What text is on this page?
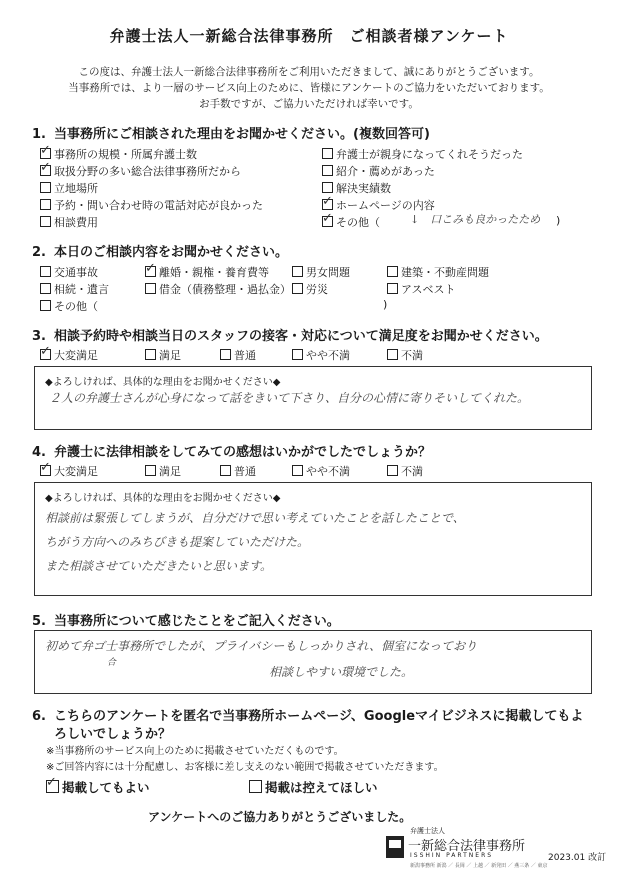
弁護士法人一新総合法律事務所　ご相談者様アンケート
この度は、弁護士法人一新総合法律事務所をご利用いただきまして、誠にありがとうございます。
当事務所では、より一層のサービス向上のために、皆様にアンケートのご協力をいただいております。
お手数ですが、ご協力いただければ幸いです。
1. 当事務所にご相談された理由をお聞かせください。(複数回答可)
✓事務所の規模・所属弁護士数
✓取扱分野の多い総合法律事務所だから
立地場所
予約・問い合わせ時の電話対応が良かった
相談費用
弁護士が親身になってくれそうだった
紹介・薦めがあった
解決実績数
✓ホームページの内容
✓その他（	↓　口こみも良かったため )
2. 本日のご相談内容をお聞かせください。
交通事故
✓	離婚・親権・養育費等	男女問題	建築・不動産問題
相続・遺言	借金（債務整理・過払金）	労災	アスベスト
その他（	)
3. 相談予約時や相談当日のスタッフの接客・対応について満足度をお聞かせください。
✓大変満足	満足	普通	やや不満	不満
◆よろしければ、具体的な理由をお聞かせください◆
２人の弁護士さんが心身になって話をきいて下さり、自分の心情に寄りそいしてくれた。
4. 弁護士に法律相談をしてみての感想はいかがでしたでしょうか？
✓大変満足	満足	普通	やや不満	不満
◆よろしければ、具体的な理由をお聞かせください◆
相談前は緊張してしまうが、自分だけで思い考えていたことを話したことで、
ちがう方向へのみちびきも提案していただけた。
また相談させていただきたいと思います。
5. 当事務所について感じたことをご記入ください。
初めて弁ゴ士事務所でしたが、プライバシーもしっかりされ、個室になっており
合
相談しやすい環境でした。
6. こちらのアンケートを匿名で当事務所ホームページ、Googleマイビジネスに掲載してもよ
ろしいでしょうか？
※当事務所のサービス向上のために掲載させていただくものです。
※ご回答内容には十分配慮し、お客様に差し支えのない範囲で掲載させていただきます。
✓掲載してもよい	掲載は控えてほしい
アンケートへのご協力ありがとうございました。
弁護士法人
一新総合法律事務所
ISSHIN PARTNERS
新潟事務所 新潟 ／ 長岡 ／ 上越 ／ 新発田 ／ 燕三条 ／ 東京
2023.01 改訂
